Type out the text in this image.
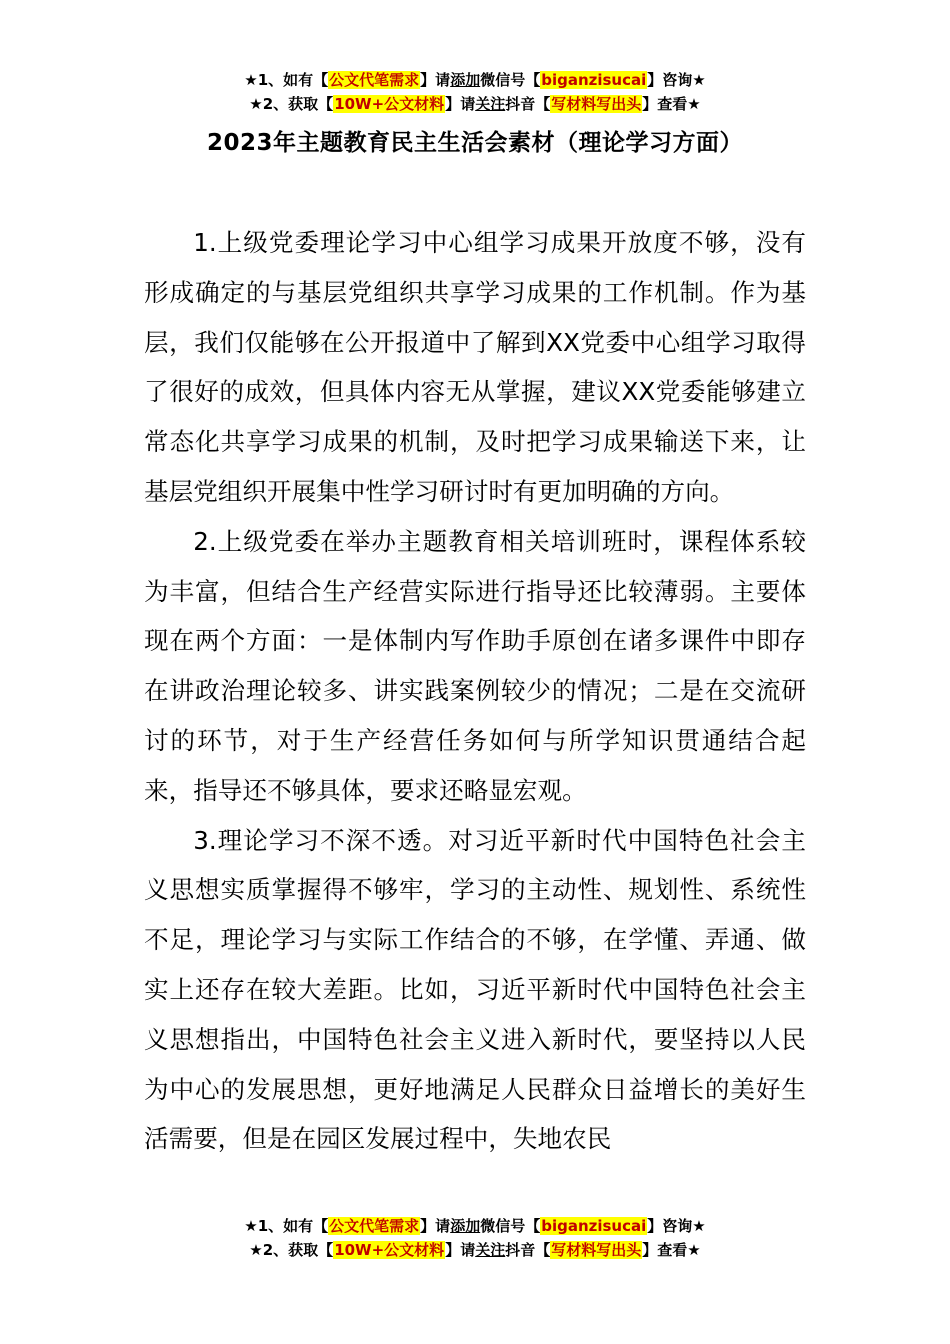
★1、如有【公文代笔需求】请添加微信号【biganzisucai】咨询★
★2、获取【10W+公文材料】请关注抖音【写材料写出头】查看★
2023年主题教育民主生活会素材（理论学习方面）

1.上级党委理论学习中心组学习成果开放度不够，没有形成确定的与基层党组织共享学习成果的工作机制。作为基层，我们仅能够在公开报道中了解到XX党委中心组学习取得了很好的成效，但具体内容无从掌握，建议XX党委能够建立常态化共享学习成果的机制，及时把学习成果输送下来，让基层党组织开展集中性学习研讨时有更加明确的方向。

2.上级党委在举办主题教育相关培训班时，课程体系较为丰富，但结合生产经营实际进行指导还比较薄弱。主要体现在两个方面：一是体制内写作助手原创在诸多课件中即存在讲政治理论较多、讲实践案例较少的情况；二是在交流研讨的环节，对于生产经营任务如何与所学知识贯通结合起来，指导还不够具体，要求还略显宏观。

3.理论学习不深不透。对习近平新时代中国特色社会主义思想实质掌握得不够牢，学习的主动性、规划性、系统性不足，理论学习与实际工作结合的不够，在学懂、弄通、做实上还存在较大差距。比如，习近平新时代中国特色社会主义思想指出，中国特色社会主义进入新时代，要坚持以人民为中心的发展思想，更好地满足人民群众日益增长的美好生活需要，但是在园区发展过程中，失地农民

★1、如有【公文代笔需求】请添加微信号【biganzisucai】咨询★
★2、获取【10W+公文材料】请关注抖音【写材料写出头】查看★
